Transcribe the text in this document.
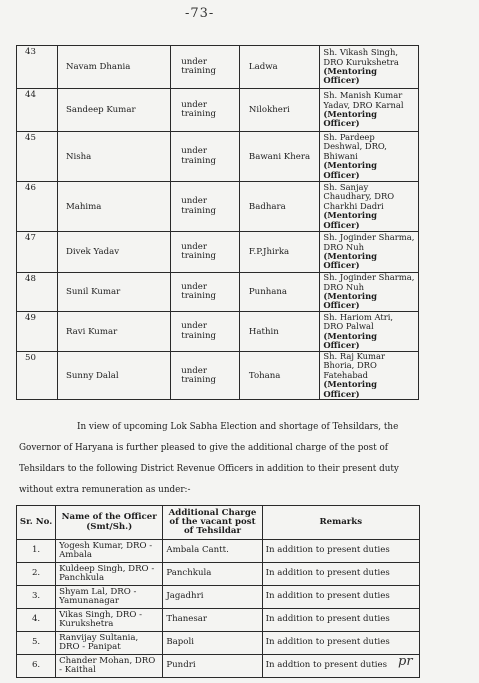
-73-
43	Navam Dhania	under training	Ladwa	Sh. Vikash Singh, DRO Kurukshetra
(Mentoring Officer)
44	Sandeep Kumar	under training	Nilokheri	Sh. Manish Kumar Yadav, DRO Karnal
(Mentoring Officer)
45	Nisha	under training	Bawani Khera	Sh. Pardeep Deshwal, DRO, Bhiwani
(Mentoring Officer)
46	Mahima	under training	Badhara	Sh. Sanjay Chaudhary, DRO Charkhi Dadri
(Mentoring Officer)
47	Divek Yadav	under training	F.P.Jhirka	Sh. Joginder Sharma, DRO Nuh
(Mentoring Officer)
48	Sunil Kumar	under training	Punhana	Sh. Joginder Sharma, DRO Nuh
(Mentoring Officer)
49	Ravi Kumar	under training	Hathin	Sh. Hariom Atri, DRO Palwal
(Mentoring Officer)
50	Sunny Dalal	under training	Tohana	Sh. Raj Kumar Bhoria, DRO Fatehabad
(Mentoring Officer)

In view of upcoming Lok Sabha Election and shortage of Tehsildars, the

Governor of Haryana is further pleased to give the additional charge of the post of

Tehsildars to the following District Revenue Officers in addition to their present duty

without extra remuneration as under:-

Sr. No.	Name of the Officer (Smt/Sh.)	Additional Charge of the vacant post of Tehsildar	Remarks
1.	Yogesh Kumar, DRO - Ambala	Ambala Cantt.	In addition to present duties
2.	Kuldeep Singh, DRO - Panchkula	Panchkula	In addition to present duties
3.	Shyam Lal, DRO - Yamunanagar	Jagadhri	In addition to present duties
4.	Vikas Singh, DRO - Kurukshetra	Thanesar	In addition to present duties
5.	Ranvijay Sultania, DRO - Panipat	Bapoli	In addition to present duties
6.	Chander Mohan, DRO - Kaithal	Pundri	In addtion to present duties pr
